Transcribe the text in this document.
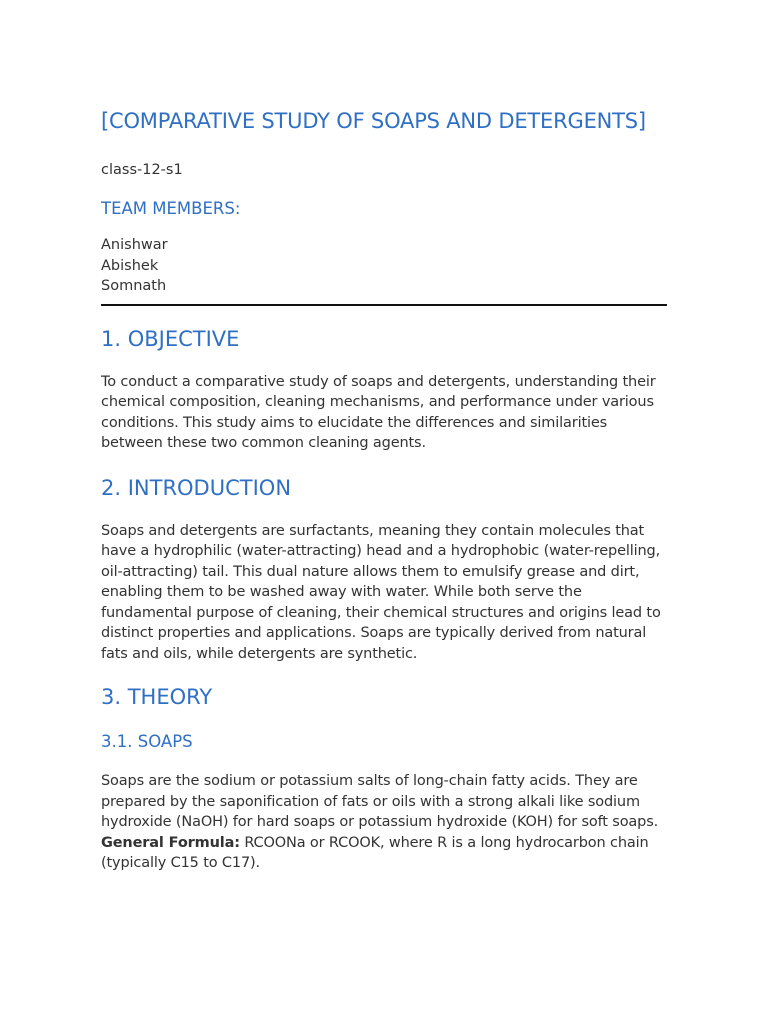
[COMPARATIVE STUDY OF SOAPS AND DETERGENTS]

class-12-s1

TEAM MEMBERS:
Anishwar
Abishek
Somnath
1. OBJECTIVE

To conduct a comparative study of soaps and detergents, understanding their chemical composition, cleaning mechanisms, and performance under various conditions. This study aims to elucidate the differences and similarities between these two common cleaning agents.

2. INTRODUCTION

Soaps and detergents are surfactants, meaning they contain molecules that have a hydrophilic (water-attracting) head and a hydrophobic (water-repelling, oil-attracting) tail. This dual nature allows them to emulsify grease and dirt, enabling them to be washed away with water. While both serve the fundamental purpose of cleaning, their chemical structures and origins lead to distinct properties and applications. Soaps are typically derived from natural fats and oils, while detergents are synthetic.

3. THEORY
3.1. SOAPS

Soaps are the sodium or potassium salts of long-chain fatty acids. They are prepared by the saponification of fats or oils with a strong alkali like sodium hydroxide (NaOH) for hard soaps or potassium hydroxide (KOH) for soft soaps.

General Formula: RCOONa or RCOOK, where R is a long hydrocarbon chain (typically C15 to C17).
